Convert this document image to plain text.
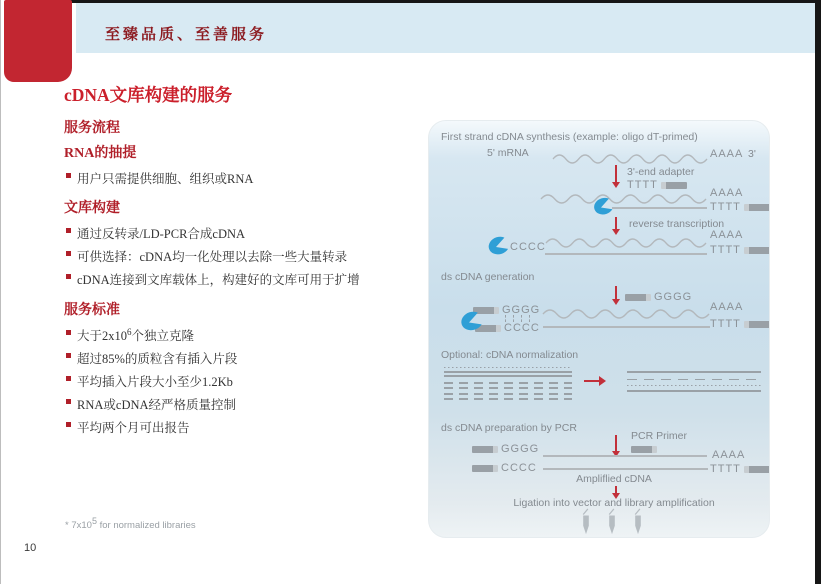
至臻品质、至善服务
cDNA文库构建的服务
服务流程
RNA的抽提
用户只需提供细胞、组织或RNA
文库构建
通过反转录/LD-PCR合成cDNA
可供选择：cDNA均一化处理以去除一些大量转录
cDNA连接到文库载体上，构建好的文库可用于扩增
服务标准
大于$2x10^6$个独立克隆
超过85%的质粒含有插入片段
平均插入片段大小至少1.2Kb
RNA或cDNA经严格质量控制
平均两个月可出报告
* $7x10^5$ for normalized libraries
10
First strand cDNA synthesis (example: oligo dT-primed)
5' mRNA	AAAA 3'
3'-end adapter
TTTT
AAAA
TTTT
reverse transcription
AAAA
CCCC	TTTT
ds cDNA generation
GGGG
GGGG
CCCC
AAAA
TTTT
Optional: cDNA normalization
ds cDNA preparation by PCR
PCR Primer
GGGG	AAAA
CCCC	TTTT
Ampliflied cDNA
Ligation into vector and library amplification
